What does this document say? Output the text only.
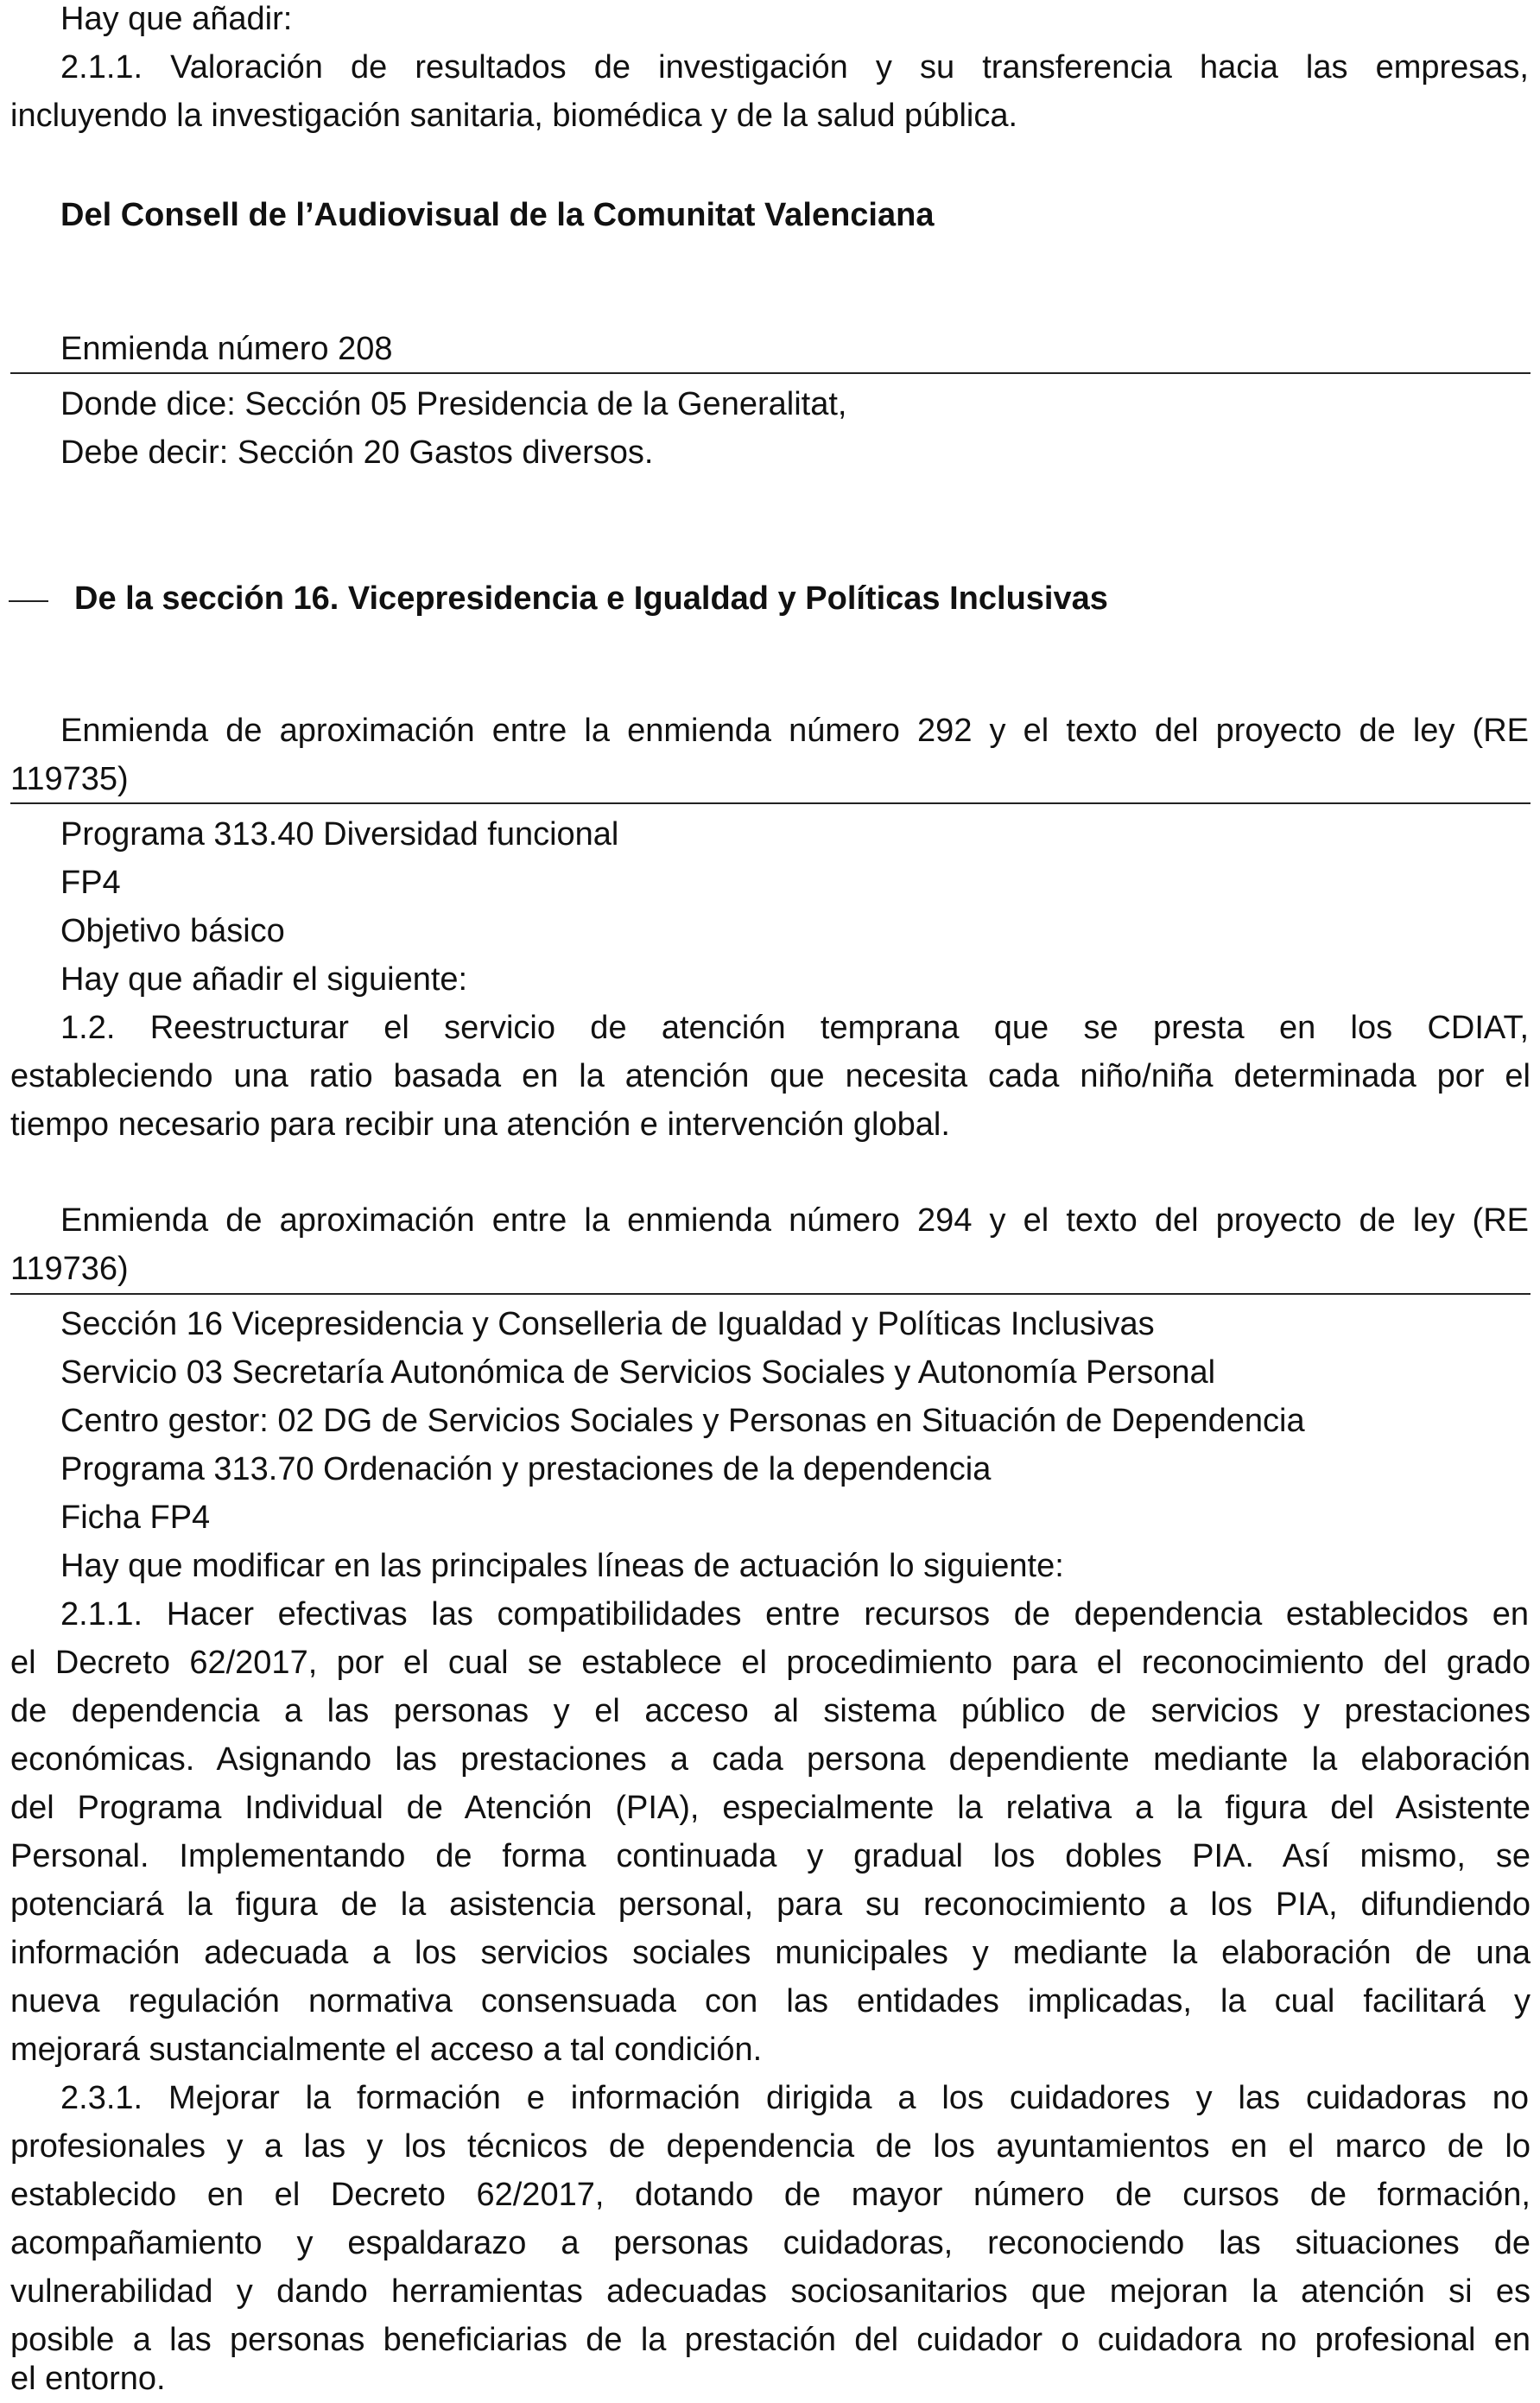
Hay que añadir:
2.1.1. Valoración de resultados de investigación y su transferencia hacia las empresas,
incluyendo la investigación sanitaria, biomédica y de la salud pública.
Del Consell de l’Audiovisual de la Comunitat Valenciana
Enmienda número 208
Donde dice: Sección 05 Presidencia de la Generalitat,
Debe decir: Sección 20 Gastos diversos.
De la sección 16. Vicepresidencia e Igualdad y Políticas Inclusivas
Enmienda de aproximación entre la enmienda número 292 y el texto del proyecto de ley (RE
119735)
Programa 313.40 Diversidad funcional
FP4
Objetivo básico
Hay que añadir el siguiente:
1.2. Reestructurar el servicio de atención temprana que se presta en los CDIAT,
estableciendo una ratio basada en la atención que necesita cada niño/niña determinada por el
tiempo necesario para recibir una atención e intervención global.
Enmienda de aproximación entre la enmienda número 294 y el texto del proyecto de ley (RE
119736)
Sección 16 Vicepresidencia y Conselleria de Igualdad y Políticas Inclusivas
Servicio 03 Secretaría Autonómica de Servicios Sociales y Autonomía Personal
Centro gestor: 02 DG de Servicios Sociales y Personas en Situación de Dependencia
Programa 313.70 Ordenación y prestaciones de la dependencia
Ficha FP4
Hay que modificar en las principales líneas de actuación lo siguiente:
2.1.1. Hacer efectivas las compatibilidades entre recursos de dependencia establecidos en
el Decreto 62/2017, por el cual se establece el procedimiento para el reconocimiento del grado
de dependencia a las personas y el acceso al sistema público de servicios y prestaciones
económicas. Asignando las prestaciones a cada persona dependiente mediante la elaboración
del Programa Individual de Atención (PIA), especialmente la relativa a la figura del Asistente
Personal. Implementando de forma continuada y gradual los dobles PIA. Así mismo, se
potenciará la figura de la asistencia personal, para su reconocimiento a los PIA, difundiendo
información adecuada a los servicios sociales municipales y mediante la elaboración de una
nueva regulación normativa consensuada con las entidades implicadas, la cual facilitará y
mejorará sustancialmente el acceso a tal condición.
2.3.1. Mejorar la formación e información dirigida a los cuidadores y las cuidadoras no
profesionales y a las y los técnicos de dependencia de los ayuntamientos en el marco de lo
establecido en el Decreto 62/2017, dotando de mayor número de cursos de formación,
acompañamiento y espaldarazo a personas cuidadoras, reconociendo las situaciones de
vulnerabilidad y dando herramientas adecuadas sociosanitarios que mejoran la atención si es
posible a las personas beneficiarias de la prestación del cuidador o cuidadora no profesional en
el entorno.
